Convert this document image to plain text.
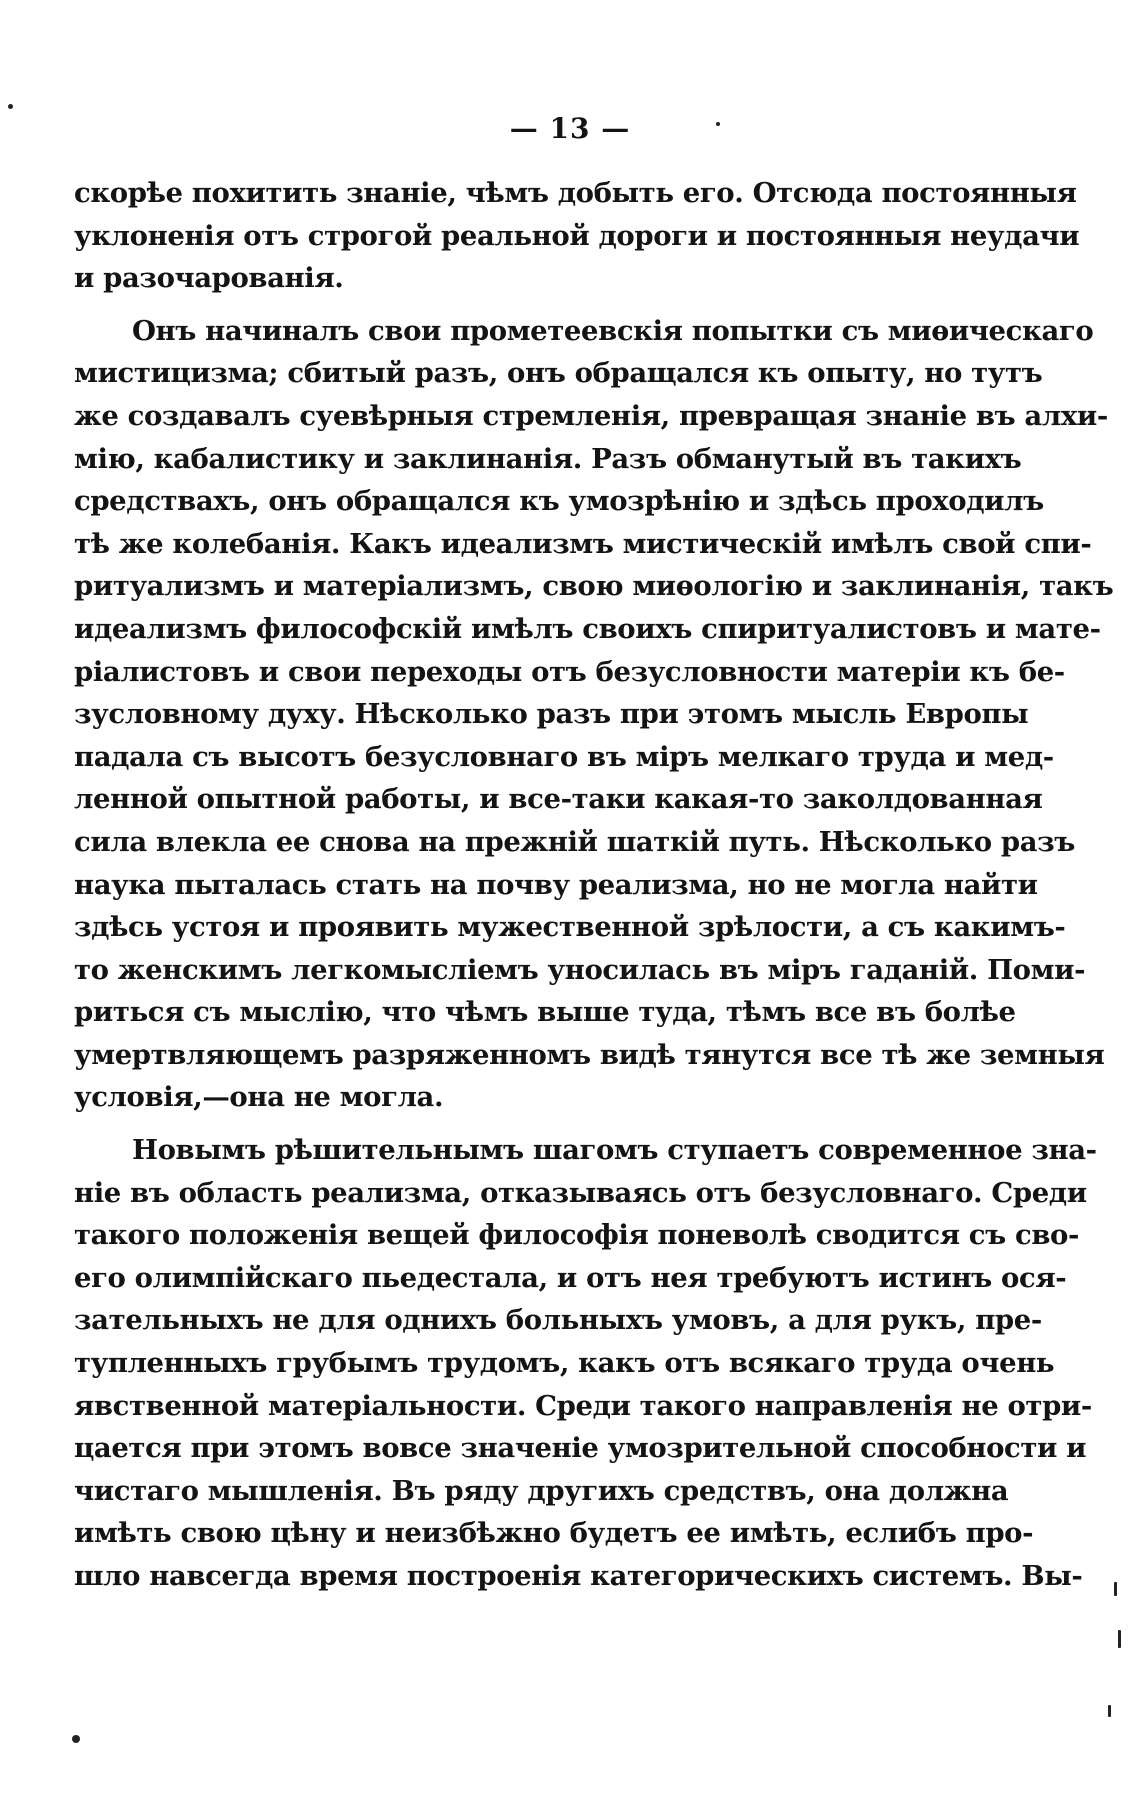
— 13 —
скорѣе похитить знаніе, чѣмъ добыть его. Отсюда постоянныя
уклоненія отъ строгой реальной дороги и постоянныя неудачи
и разочарованія.
Онъ начиналъ свои прометеевскія попытки съ миѳическаго
мистицизма; сбитый разъ, онъ обращался къ опыту, но тутъ
же создавалъ суевѣрныя стремленія, превращая знаніе въ алхи-
мію, кабалистику и заклинанія. Разъ обманутый въ такихъ
средствахъ, онъ обращался къ умозрѣнію и здѣсь проходилъ
тѣ же колебанія. Какъ идеализмъ мистическій имѣлъ свой спи-
ритуализмъ и матеріализмъ, свою миѳологію и заклинанія, такъ
идеализмъ философскій имѣлъ своихъ спиритуалистовъ и мате-
ріалистовъ и свои переходы отъ безусловности матеріи къ бе-
зусловному духу. Нѣсколько разъ при этомъ мысль Европы
падала съ высотъ безусловнаго въ міръ мелкаго труда и мед-
ленной опытной работы, и все-таки какая-то заколдованная
сила влекла ее снова на прежній шаткій путь. Нѣсколько разъ
наука пыталась стать на почву реализма, но не могла найти
здѣсь устоя и проявить мужественной зрѣлости, а съ какимъ-
то женскимъ легкомысліемъ уносилась въ міръ гаданій. Поми-
риться съ мыслію, что чѣмъ выше туда, тѣмъ все въ болѣе
умертвляющемъ разряженномъ видѣ тянутся все тѣ же земныя
условія,—она не могла.
Новымъ рѣшительнымъ шагомъ ступаетъ современное зна-
ніе въ область реализма, отказываясь отъ безусловнаго. Среди
такого положенія вещей философія поневолѣ сводится съ сво-
его олимпійскаго пьедестала, и отъ нея требуютъ истинъ ося-
зательныхъ не для однихъ больныхъ умовъ, а для рукъ, пре-
тупленныхъ грубымъ трудомъ, какъ отъ всякаго труда очень
явственной матеріальности. Среди такого направленія не отри-
цается при этомъ вовсе значеніе умозрительной способности и
чистаго мышленія. Въ ряду другихъ средствъ, она должна
имѣть свою цѣну и неизбѣжно будетъ ее имѣть, еслибъ про-
шло навсегда время построенія категорическихъ системъ. Вы-
